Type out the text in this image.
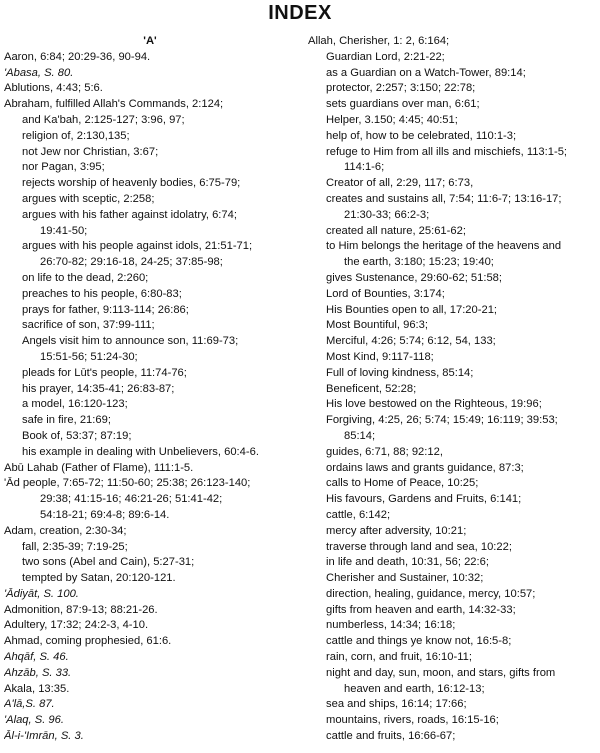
INDEX
'A'
Aaron, 6:84; 20:29-36, 90-94.
'Abasa, S. 80.
Ablutions, 4:43; 5:6.
Abraham, fulfilled Allah's Commands, 2:124;
and Ka'bah, 2:125-127; 3:96, 97;
religion of, 2:130,135;
not Jew nor Christian, 3:67;
nor Pagan, 3:95;
rejects worship of heavenly bodies, 6:75-79;
argues with sceptic, 2:258;
argues with his father against idolatry, 6:74;
19:41-50;
argues with his people against idols, 21:51-71;
26:70-82; 29:16-18, 24-25; 37:85-98;
on life to the dead, 2:260;
preaches to his people, 6:80-83;
prays for father, 9:113-114; 26:86;
sacrifice of son, 37:99-111;
Angels visit him to announce son, 11:69-73;
15:51-56; 51:24-30;
pleads for Lūt's people, 11:74-76;
his prayer, 14:35-41; 26:83-87;
a model, 16:120-123;
safe in fire, 21:69;
Book of, 53:37; 87:19;
his example in dealing with Unbelievers, 60:4-6.
Abū Lahab (Father of Flame), 111:1-5.
'Ād people, 7:65-72; 11:50-60; 25:38; 26:123-140;
29:38; 41:15-16; 46:21-26; 51:41-42;
54:18-21; 69:4-8; 89:6-14.
Adam, creation, 2:30-34;
fall, 2:35-39; 7:19-25;
two sons (Abel and Cain), 5:27-31;
tempted by Satan, 20:120-121.
'Ādiyāt, S. 100.
Admonition, 87:9-13; 88:21-26.
Adultery, 17:32; 24:2-3, 4-10.
Ahmad, coming prophesied, 61:6.
Ahqāf, S. 46.
Ahzāb, S. 33.
Akala, 13:35.
A'lā,S. 87.
'Alaq, S. 96.
Āl-i-'Imrān, S. 3.
Allah, Cherisher, 1: 2, 6:164;
Guardian Lord, 2:21-22;
as a Guardian on a Watch-Tower, 89:14;
protector, 2:257; 3:150; 22:78;
sets guardians over man, 6:61;
Helper, 3.150; 4:45; 40:51;
help of, how to be celebrated, 110:1-3;
refuge to Him from all ills and mischiefs, 113:1-5;
114:1-6;
Creator of all, 2:29, 117; 6:73,
creates and sustains all, 7:54; 11:6-7; 13:16-17;
21:30-33; 66:2-3;
created all nature, 25:61-62;
to Him belongs the heritage of the heavens and
the earth, 3:180; 15:23; 19:40;
gives Sustenance, 29:60-62; 51:58;
Lord of Bounties, 3:174;
His Bounties open to all, 17:20-21;
Most Bountiful, 96:3;
Merciful, 4:26; 5:74; 6:12, 54, 133;
Most Kind, 9:117-118;
Full of loving kindness, 85:14;
Beneficent, 52:28;
His love bestowed on the Righteous, 19:96;
Forgiving, 4:25, 26; 5:74; 15:49; 16:119; 39:53;
85:14;
guides, 6:71, 88; 92:12,
ordains laws and grants guidance, 87:3;
calls to Home of Peace, 10:25;
His favours, Gardens and Fruits, 6:141;
cattle, 6:142;
mercy after adversity, 10:21;
traverse through land and sea, 10:22;
in life and death, 10:31, 56; 22:6;
Cherisher and Sustainer, 10:32;
direction, healing, guidance, mercy, 10:57;
gifts from heaven and earth, 14:32-33;
numberless, 14:34; 16:18;
cattle and things ye know not, 16:5-8;
rain, corn, and fruit, 16:10-11;
night and day, sun, moon, and stars, gifts from
heaven and earth, 16:12-13;
sea and ships, 16:14; 17:66;
mountains, rivers, roads, 16:15-16;
cattle and fruits, 16:66-67;
